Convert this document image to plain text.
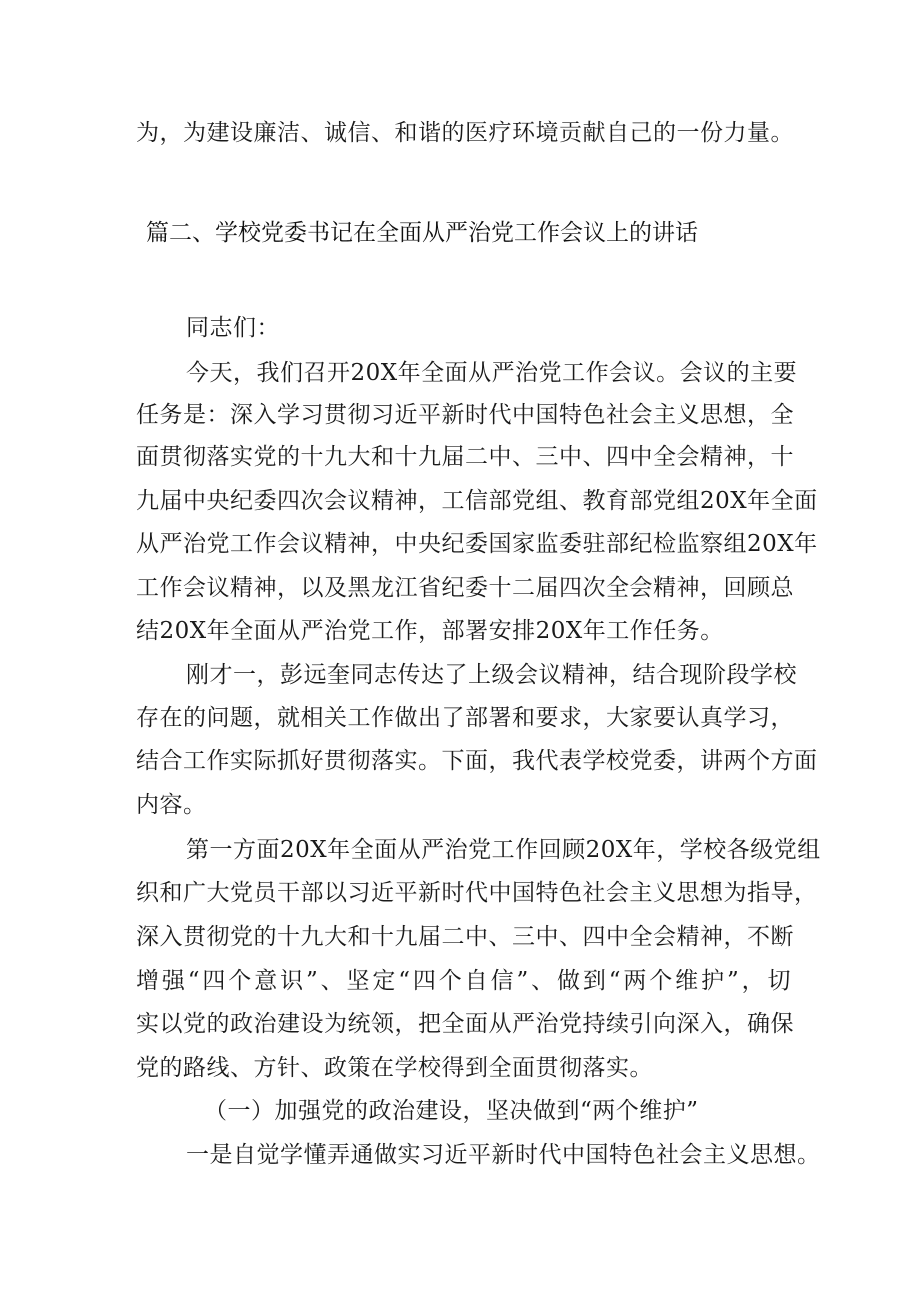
为，为建设廉洁、诚信、和谐的医疗环境贡献自己的一份力量。
篇二、学校党委书记在全面从严治党工作会议上的讲话
同志们：
今天，我们召开20X年全面从严治党工作会议。会议的主要
任务是：深入学习贯彻习近平新时代中国特色社会主义思想，全
面贯彻落实党的十九大和十九届二中、三中、四中全会精神，十
九届中央纪委四次会议精神，工信部党组、教育部党组20X年全面
从严治党工作会议精神，中央纪委国家监委驻部纪检监察组20X年
工作会议精神，以及黑龙江省纪委十二届四次全会精神，回顾总
结20X年全面从严治党工作，部署安排20X年工作任务。
刚才一，彭远奎同志传达了上级会议精神，结合现阶段学校
存在的问题，就相关工作做出了部署和要求，大家要认真学习，
结合工作实际抓好贯彻落实。下面，我代表学校党委，讲两个方面
内容。
第一方面20X年全面从严治党工作回顾20X年，学校各级党组
织和广大党员干部以习近平新时代中国特色社会主义思想为指导，
深入贯彻党的十九大和十九届二中、三中、四中全会精神，不断
增强“四个意识”、坚定“四个自信”、做到“两个维护”，切
实以党的政治建设为统领，把全面从严治党持续引向深入，确保
党的路线、方针、政策在学校得到全面贯彻落实。
（一）加强党的政治建设，坚决做到“两个维护”
一是自觉学懂弄通做实习近平新时代中国特色社会主义思想。
